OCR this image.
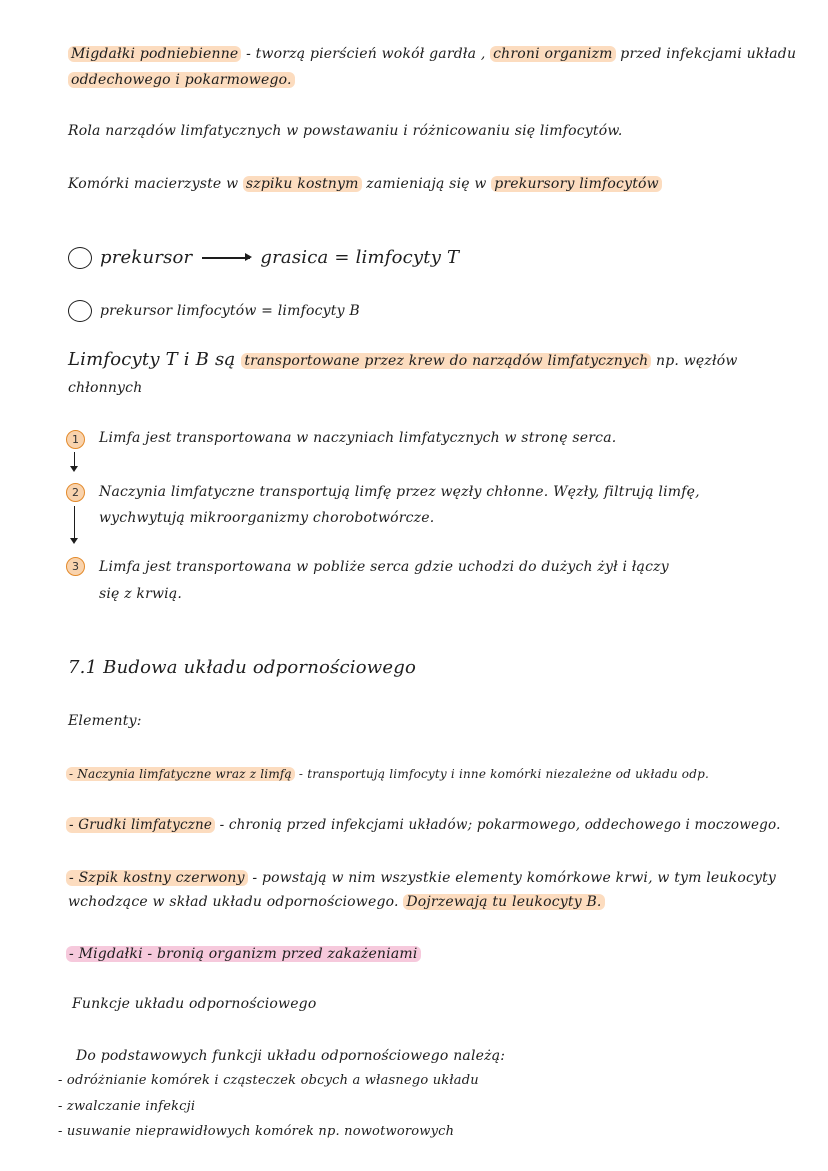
Migdałki podniebienne - tworzą pierścień wokół gardła , chroni organizm przed infekcjami układu
oddechowego i pokarmowego.
Rola narządów limfatycznych w powstawaniu i różnicowaniu się limfocytów.
Komórki macierzyste w szpiku kostnym zamieniają się w prekursory limfocytów
prekursor	grasica = limfocyty T
prekursor limfocytów = limfocyty B
Limfocyty T i B są transportowane przez krew do narządów limfatycznych np. węzłów
chłonnych
1	Limfa jest transportowana w naczyniach limfatycznych w stronę serca.
2	Naczynia limfatyczne transportują limfę przez węzły chłonne. Węzły, filtrują limfę,
wychwytują mikroorganizmy chorobotwórcze.
3	Limfa jest transportowana w pobliże serca gdzie uchodzi do dużych żył i łączy
się z krwią.
7.1 Budowa układu odpornościowego
Elementy:
- Naczynia limfatyczne wraz z limfą - transportują limfocyty i inne komórki niezależne od układu odp.
- Grudki limfatyczne - chronią przed infekcjami układów; pokarmowego, oddechowego i moczowego.
- Szpik kostny czerwony - powstają w nim wszystkie elementy komórkowe krwi, w tym leukocyty
wchodzące w skład układu odpornościowego. Dojrzewają tu leukocyty B.
- Migdałki - bronią organizm przed zakażeniami
Funkcje układu odpornościowego
Do podstawowych funkcji układu odpornościowego należą:
- odróżnianie komórek i cząsteczek obcych a własnego układu
- zwalczanie infekcji
- usuwanie nieprawidłowych komórek np. nowotworowych
